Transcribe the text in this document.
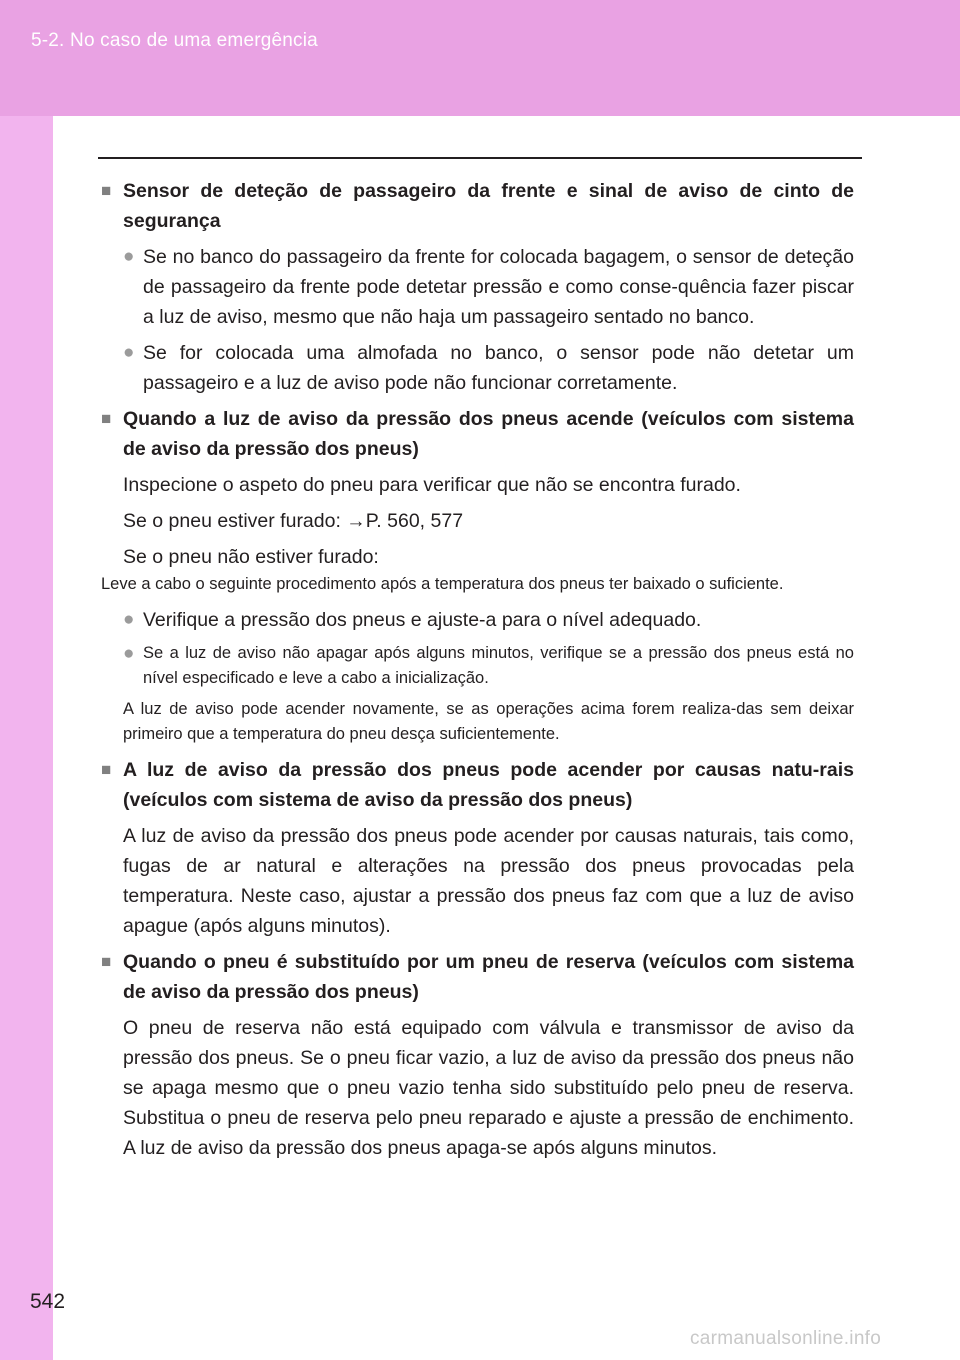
5-2. No caso de uma emergência
■ Sensor de deteção de passageiro da frente e sinal de aviso de cinto de segurança
● Se no banco do passageiro da frente for colocada bagagem, o sensor de deteção de passageiro da frente pode detetar pressão e como conse-quência fazer piscar a luz de aviso, mesmo que não haja um passageiro sentado no banco.
● Se for colocada uma almofada no banco, o sensor pode não detetar um passageiro e a luz de aviso pode não funcionar corretamente.
■ Quando a luz de aviso da pressão dos pneus acende (veículos com sistema de aviso da pressão dos pneus)
Inspecione o aspeto do pneu para verificar que não se encontra furado.
Se o pneu estiver furado: →P. 560, 577
Se o pneu não estiver furado:
Leve a cabo o seguinte procedimento após a temperatura dos pneus ter baixado o suficiente.
● Verifique a pressão dos pneus e ajuste-a para o nível adequado.
● Se a luz de aviso não apagar após alguns minutos, verifique se a pressão dos pneus está no nível especificado e leve a cabo a inicialização.
A luz de aviso pode acender novamente, se as operações acima forem realiza-das sem deixar primeiro que a temperatura do pneu desça suficientemente.
■ A luz de aviso da pressão dos pneus pode acender por causas natu-rais (veículos com sistema de aviso da pressão dos pneus)
A luz de aviso da pressão dos pneus pode acender por causas naturais, tais como, fugas de ar natural e alterações na pressão dos pneus provocadas pela temperatura. Neste caso, ajustar a pressão dos pneus faz com que a luz de aviso apague (após alguns minutos).
■ Quando o pneu é substituído por um pneu de reserva (veículos com sistema de aviso da pressão dos pneus)
O pneu de reserva não está equipado com válvula e transmissor de aviso da pressão dos pneus. Se o pneu ficar vazio, a luz de aviso da pressão dos pneus não se apaga mesmo que o pneu vazio tenha sido substituído pelo pneu de reserva. Substitua o pneu de reserva pelo pneu reparado e ajuste a pressão de enchimento. A luz de aviso da pressão dos pneus apaga-se após alguns minutos.
542
carmanualsonline.info
